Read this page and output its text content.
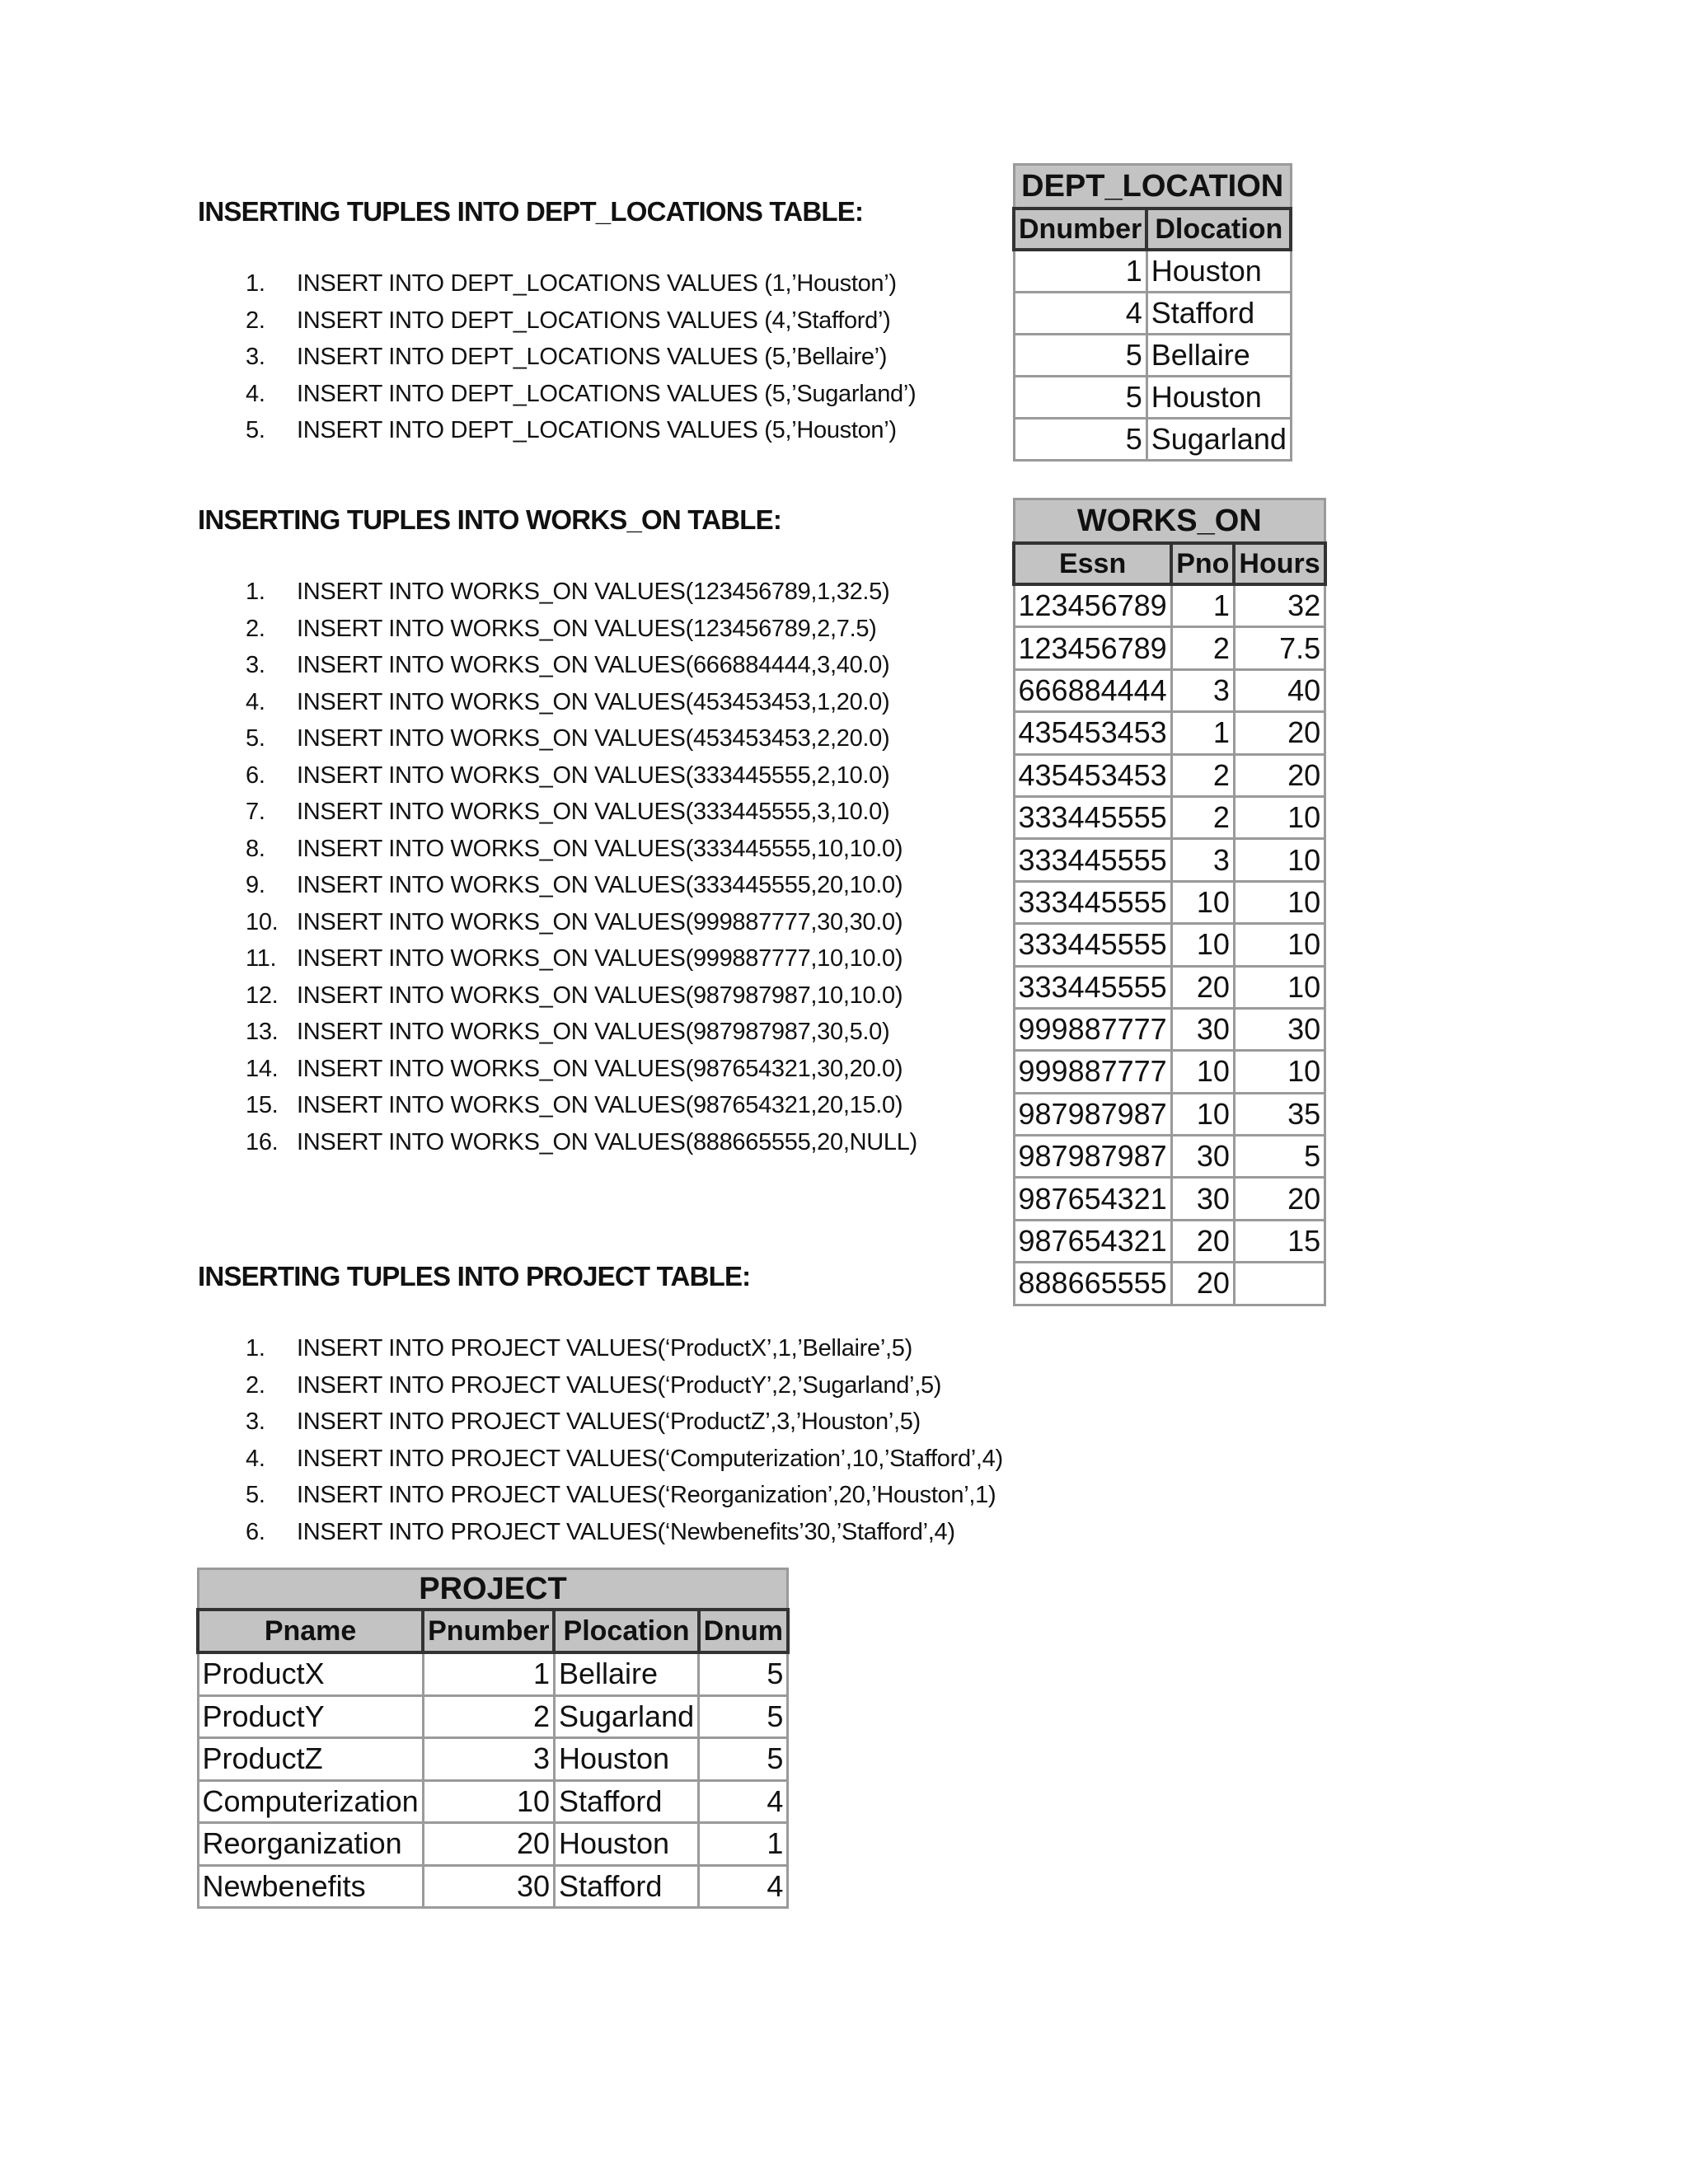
INSERTING TUPLES INTO DEPT_LOCATIONS TABLE:
1.	INSERT INTO DEPT_LOCATIONS VALUES (1,’Houston’)
2.	INSERT INTO DEPT_LOCATIONS VALUES (4,’Stafford’)
3.	INSERT INTO DEPT_LOCATIONS VALUES (5,’Bellaire’)
4.	INSERT INTO DEPT_LOCATIONS VALUES (5,’Sugarland’)
5.	INSERT INTO DEPT_LOCATIONS VALUES (5,’Houston’)
INSERTING TUPLES INTO WORKS_ON TABLE:
1.	INSERT INTO WORKS_ON VALUES(123456789,1,32.5)
2.	INSERT INTO WORKS_ON VALUES(123456789,2,7.5)
3.	INSERT INTO WORKS_ON VALUES(666884444,3,40.0)
4.	INSERT INTO WORKS_ON VALUES(453453453,1,20.0)
5.	INSERT INTO WORKS_ON VALUES(453453453,2,20.0)
6.	INSERT INTO WORKS_ON VALUES(333445555,2,10.0)
7.	INSERT INTO WORKS_ON VALUES(333445555,3,10.0)
8.	INSERT INTO WORKS_ON VALUES(333445555,10,10.0)
9.	INSERT INTO WORKS_ON VALUES(333445555,20,10.0)
10. INSERT INTO WORKS_ON VALUES(999887777,30,30.0)
11. INSERT INTO WORKS_ON VALUES(999887777,10,10.0)
12. INSERT INTO WORKS_ON VALUES(987987987,10,10.0)
13. INSERT INTO WORKS_ON VALUES(987987987,30,5.0)
14. INSERT INTO WORKS_ON VALUES(987654321,30,20.0)
15. INSERT INTO WORKS_ON VALUES(987654321,20,15.0)
16. INSERT INTO WORKS_ON VALUES(888665555,20,NULL)
INSERTING TUPLES INTO PROJECT TABLE:
1.	INSERT INTO PROJECT VALUES(‘ProductX’,1,’Bellaire’,5)
2.	INSERT INTO PROJECT VALUES(‘ProductY’,2,’Sugarland’,5)
3.	INSERT INTO PROJECT VALUES(‘ProductZ’,3,’Houston’,5)
4.	INSERT INTO PROJECT VALUES(‘Computerization’,10,’Stafford’,4)
5.	INSERT INTO PROJECT VALUES(‘Reorganization’,20,’Houston’,1)
6.	INSERT INTO PROJECT VALUES(‘Newbenefits’30,’Stafford’,4)
DEPT_LOCATION	
Dnumber	Dlocation
1	Houston
4	Stafford
5	Bellaire
5	Houston
5	Sugarland
WORKS_ON		
Essn	Pno	Hours
123456789	1	32
123456789	2	7.5
666884444	3	40
435453453	1	20
435453453	2	20
333445555	2	10
333445555	3	10
333445555	10	10
333445555	10	10
333445555	20	10
999887777	30	30
999887777	10	10
987987987	10	35
987987987	30	5
987654321	30	20
987654321	20	15
888665555	20	
PROJECT			
Pname	Pnumber	Plocation	Dnum
ProductX	1	Bellaire	5
ProductY	2	Sugarland	5
ProductZ	3	Houston	5
Computerization	10	Stafford	4
Reorganization	20	Houston	1
Newbenefits	30	Stafford	4
